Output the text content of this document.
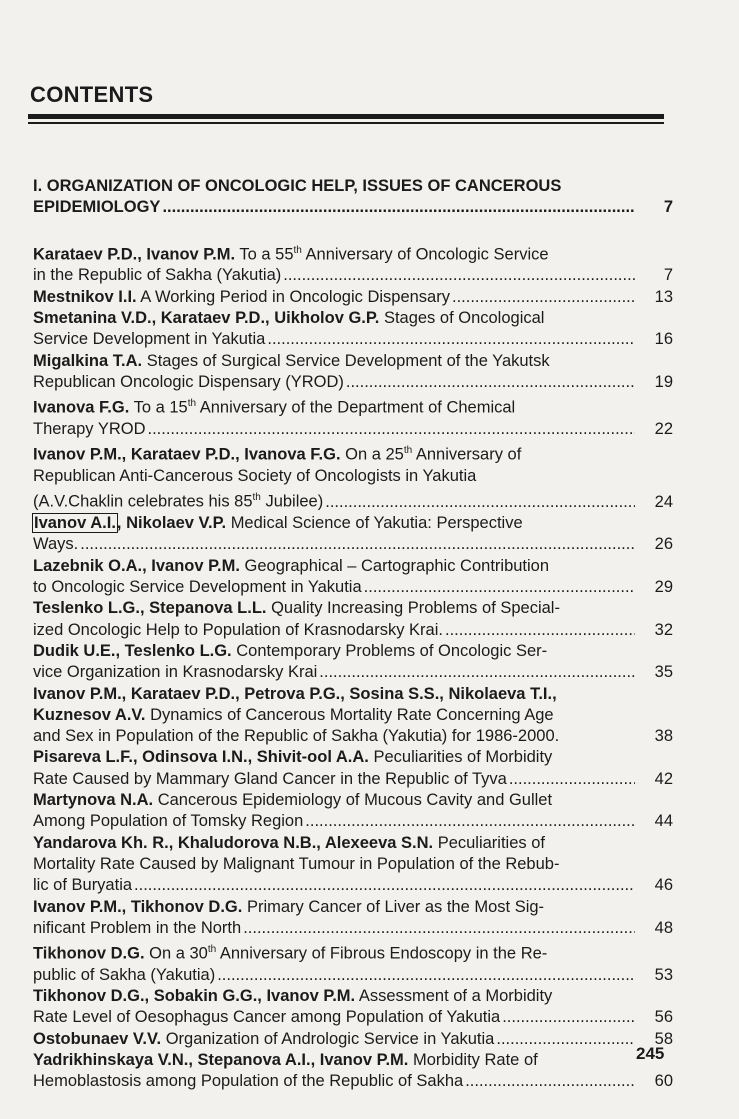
CONTENTS
I. ORGANIZATION OF ONCOLOGIC HELP, ISSUES OF CANCEROUS
EPIDEMIOLOGY .....	7
Karataev P.D., Ivanov P.M. To a 55th Anniversary of Oncologic Service
in the Republic of Sakha (Yakutia) .....	7
Mestnikov I.I. A Working Period in Oncologic Dispensary .....	13
Smetanina V.D., Karataev P.D., Uikholov G.P. Stages of Oncological
Service Development in Yakutia .....	16
Migalkina T.A. Stages of Surgical Service Development of the Yakutsk
Republican Oncologic Dispensary (YROD) .....	19
Ivanova F.G. To a 15th Anniversary of the Department of Chemical
Therapy YROD .....	22
Ivanov P.M., Karataev P.D., Ivanova F.G. On a 25th Anniversary of
Republican Anti-Cancerous Society of Oncologists in Yakutia
(A.V.Chaklin celebrates his 85th Jubilee) .....	24
Ivanov A.I., Nikolaev V.P. Medical Science of Yakutia: Perspective
Ways. .....	26
Lazebnik O.A., Ivanov P.M. Geographical – Cartographic Contribution
to Oncologic Service Development in Yakutia .....	29
Teslenko L.G., Stepanova L.L. Quality Increasing Problems of Special-
ized Oncologic Help to Population of Krasnodarsky Krai. .....	32
Dudik U.E., Teslenko L.G. Contemporary Problems of Oncologic Ser-
vice Organization in Krasnodarsky Krai .....	35
Ivanov P.M., Karataev P.D., Petrova P.G., Sosina S.S., Nikolaeva T.I.,
Kuznesov A.V. Dynamics of Cancerous Mortality Rate Concerning Age
and Sex in Population of the Republic of Sakha (Yakutia) for 1986-2000.	38
Pisareva L.F., Odinsova I.N., Shivit-ool A.A. Peculiarities of Morbidity
Rate Caused by Mammary Gland Cancer in the Republic of Tyva .....	42
Martynova N.A. Cancerous Epidemiology of Mucous Cavity and Gullet
Among Population of Tomsky Region .....	44
Yandarova Kh. R., Khaludorova N.B., Alexeeva S.N. Peculiarities of
Mortality Rate Caused by Malignant Tumour in Population of the Rebub-
lic of Buryatia .....	46
Ivanov P.M., Tikhonov D.G. Primary Cancer of Liver as the Most Sig-
nificant Problem in the North .....	48
Tikhonov D.G. On a 30th Anniversary of Fibrous Endoscopy in the Re-
public of Sakha (Yakutia) .....	53
Tikhonov D.G., Sobakin G.G., Ivanov P.M. Assessment of a Morbidity
Rate Level of Oesophagus Cancer among Population of Yakutia .....	56
Ostobunaev V.V. Organization of Andrologic Service in Yakutia .....	58
Yadrikhinskaya V.N., Stepanova A.I., Ivanov P.M. Morbidity Rate of
Hemoblastosis among Population of the Republic of Sakha .....	60
245
